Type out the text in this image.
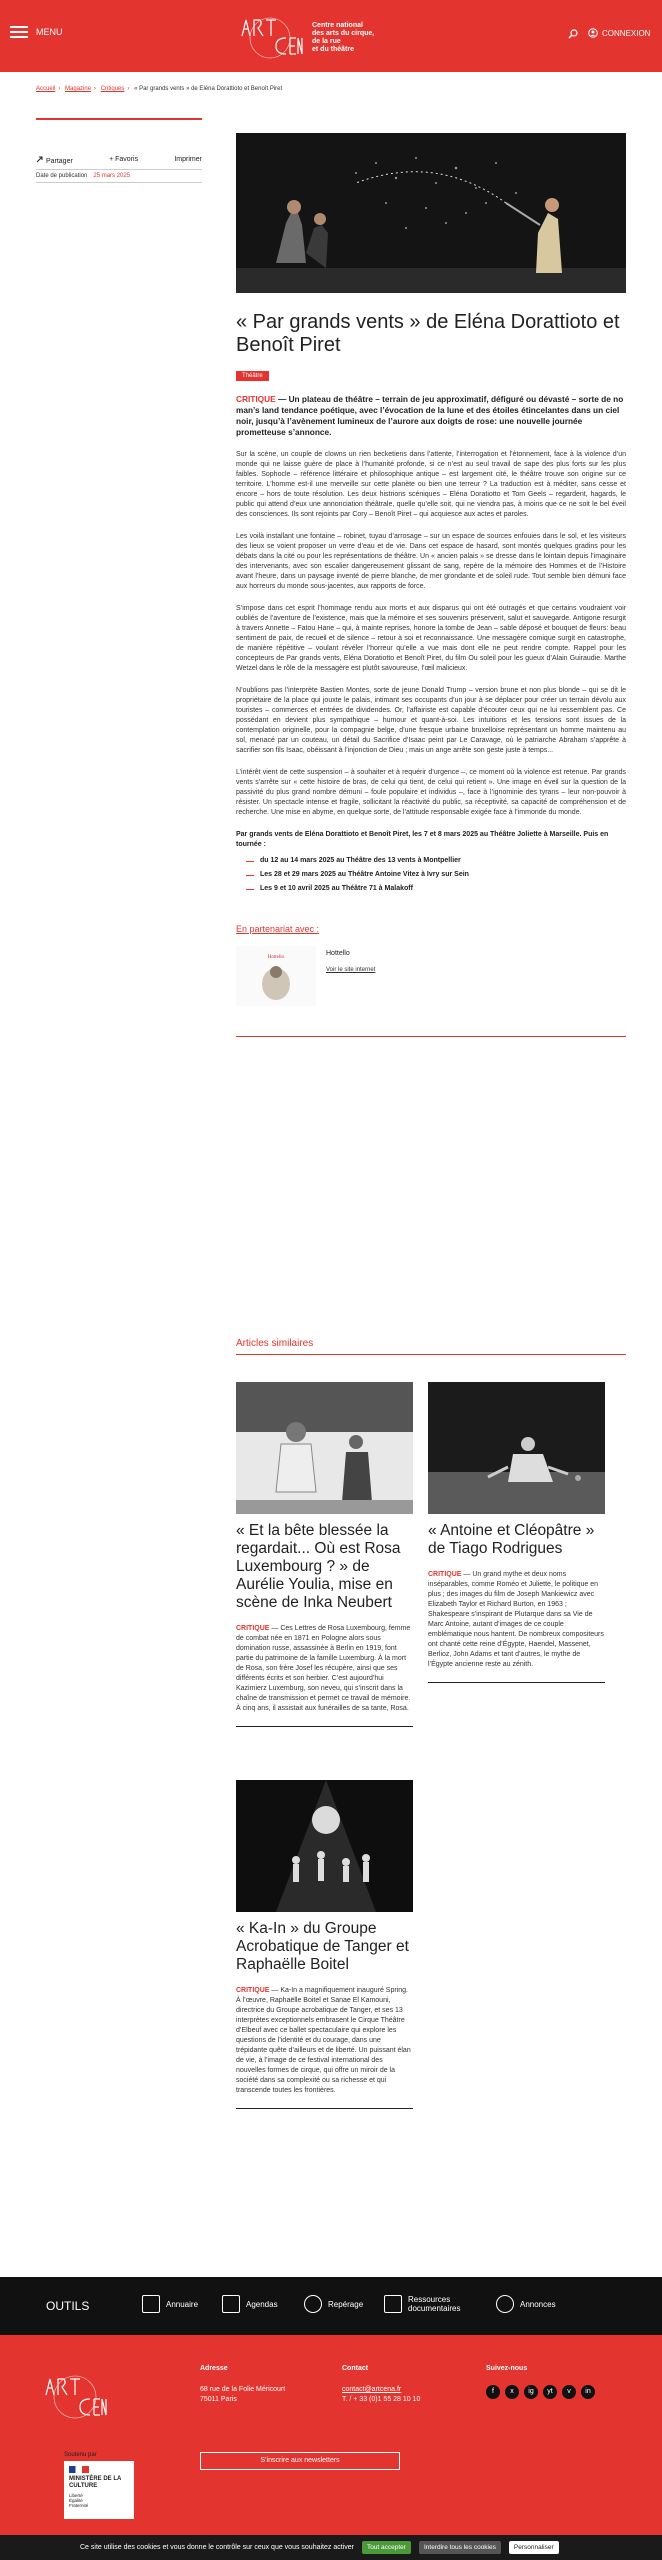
MENU
Centre national
des arts du cirque,
de la rue
et du théâtre
CONNEXION
Accueil › Magazine › Critiques › « Par grands vents » de Eléna Dorattioto et Benoît Piret
Partager	+ Favoris	Imprimer
Date de publication 25 mars 2025
« Par grands vents » de Eléna Dorattioto et Benoît Piret
Théâtre

CRITIQUE — Un plateau de théâtre – terrain de jeu approximatif, défiguré ou dévasté – sorte de no man’s land tendance poétique, avec l’évocation de la lune et des étoiles étincelantes dans un ciel noir, jusqu’à l’avènement lumineux de l’aurore aux doigts de rose: une nouvelle journée prometteuse s’annonce.

Sur la scène, un couple de clowns un rien becketiens dans l’attente, l’interrogation et l’étonnement, face à la violence d’un monde qui ne laisse guère de place à l’humanité profonde, si ce n’est au seul travail de sape des plus forts sur les plus faibles. Sophocle – référence littéraire et philosophique antique – est largement cité, le théâtre trouve son origine sur ce territoire. L’homme est-il une merveille sur cette planète ou bien une terreur ? La traduction est à méditer, sans cesse et encore – hors de toute résolution. Les deux histrions scéniques – Eléna Doratiotto et Tom Geels – regardent, hagards, le public qui attend d’eux une annonciation théâtrale, quelle qu’elle soit, qui ne viendra pas, à moins que ce ne soit le bel éveil des consciences. Ils sont rejoints par Cory – Benoît Piret – qui acquiesce aux actes et paroles.

Les voilà installant une fontaine – robinet, tuyau d’arrosage – sur un espace de sources enfouies dans le sol, et les visiteurs des lieux se voient proposer un verre d’eau et de vie. Dans cet espace de hasard, sont montés quelques gradins pour les débats dans la cité ou pour les représentations de théâtre. Un « ancien palais » se dresse dans le lointain depuis l’imaginaire des intervenants, avec son escalier dangereusement glissant de sang, repère de la mémoire des Hommes et de l’Histoire avant l’heure, dans un paysage inventé de pierre blanche, de mer grondante et de soleil rude. Tout semble bien démuni face aux horreurs du monde sous-jacentes, aux rapports de force.

S’impose dans cet esprit l’hommage rendu aux morts et aux disparus qui ont été outragés et que certains voudraient voir oubliés de l’aventure de l’existence, mais que la mémoire et ses souvenirs préservent, salut et sauvegarde. Antigone resurgit à travers Annette – Fatou Hane – qui, à mainte reprises, honore la tombe de Jean – sable déposé et bouquet de fleurs: beau sentiment de paix, de recueil et de silence – retour à soi et reconnaissance. Une messagère comique surgit en catastrophe, de manière répétitive – voulant révéler l’horreur qu’elle a vue mais dont elle ne peut rendre compte. Rappel pour les concepteurs de Par grands vents, Eléna Doratiotto et Benoît Piret, du film Ou soleil pour les gueux d’Alain Guiraudie. Marthe Wetzel dans le rôle de la messagère est plutôt savoureuse, l’œil malicieux.

N’oublions pas l’interprète Bastien Montes, sorte de jeune Donald Trump – version brune et non plus blonde – qui se dit le propriétaire de la place qui jouxte le palais, intimant ses occupants d’un jour à se déplacer pour créer un terrain dévolu aux touristes – commerces et entrées de dividendes. Or, l’affairiste est capable d’écouter ceux qui ne lui ressemblent pas. Ce possédant en devient plus sympathique – humour et quant-à-soi. Les intuitions et les tensions sont issues de la contemplation originelle, pour la compagnie belge, d’une fresque urbaine bruxelloise représentant un homme maintenu au sol, menacé par un couteau, un détail du Sacrifice d’Isaac peint par Le Caravage, où le patriarche Abraham s’apprête à sacrifier son fils Isaac, obéissant à l’injonction de Dieu ; mais un ange arrête son geste juste à temps...

L’intérêt vient de cette suspension – à souhaiter et à requérir d’urgence –, ce moment où la violence est retenue. Par grands vents s’arrête sur « cette histoire de bras, de celui qui tient, de celui qui retient ». Une image en éveil sur la question de la passivité du plus grand nombre démuni – foule populaire et individus –, face à l’ignominie des tyrans – leur non-pouvoir à résister. Un spectacle intense et fragile, sollicitant la réactivité du public, sa réceptivité, sa capacité de compréhension et de recherche. Une mise en abyme, en quelque sorte, de l’attitude responsable exigée face à l’immonde du monde.

Par grands vents de Eléna Dorattioto et Benoît Piret, les 7 et 8 mars 2025 au Théâtre Joliette à Marseille. Puis en tournée :

du 12 au 14 mars 2025 au Théâtre des 13 vents à Montpellier
Les 28 et 29 mars 2025 au Théâtre Antoine Vitez à Ivry sur Sein
Les 9 et 10 avril 2025 au Théâtre 71 à Malakoff
En partenariat avec :
Hottello
Hottello
Voir le site internet
Articles similaires
« Et la bête blessée la regardait... Où est Rosa Luxembourg ? » de Aurélie Youlia, mise en scène de Inka Neubert

CRITIQUE — Ces Lettres de Rosa Luxembourg, femme de combat née en 1871 en Pologne alors sous domination russe, assassinée à Berlin en 1919, font partie du patrimoine de la famille Luxemburg. À la mort de Rosa, son frère Josef les récupère, ainsi que ses différents écrits et son herbier. C’est aujourd’hui Kazimierz Luxemburg, son neveu, qui s’inscrit dans la chaîne de transmission et permet ce travail de mémoire. À cinq ans, il assistait aux funérailles de sa tante, Rosa.

« Antoine et Cléopâtre » de Tiago Rodrigues

CRITIQUE — Un grand mythe et deux noms inséparables, comme Roméo et Juliette, le politique en plus ; des images du film de Joseph Mankiewicz avec Elizabeth Taylor et Richard Burton, en 1963 ; Shakespeare s’inspirant de Plutarque dans sa Vie de Marc Antoine, autant d’images de ce couple emblématique nous hantent. De nombreux compositeurs ont chanté cette reine d’Égypte, Haendel, Massenet, Berlioz, John Adams et tant d’autres, le mythe de l’Égypte ancienne reste au zénith.

« Ka-In » du Groupe Acrobatique de Tanger et Raphaëlle Boitel

CRITIQUE — Ka-In a magnifiquement inauguré Spring. À l’œuvre, Raphaëlle Boitel et Sanae El Kamouni, directrice du Groupe acrobatique de Tanger, et ses 13 interprètes exceptionnels embrasent le Cirque Théâtre d’Elbeuf avec ce ballet spectaculaire qui explore les questions de l’identité et du courage, dans une trépidante quête d’ailleurs et de liberté. Un puissant élan de vie, à l’image de ce festival international des nouvelles formes de cirque, qui offre un miroir de la société dans sa complexité ou sa richesse et qui transcende toutes les frontières.

OUTILS	Annuaire	Agendas	Repérage	Ressources documentaires	Annonces
Soutenu par
MINISTÈRE DE LA CULTURE
Liberté
Égalité
Fraternité
Adresse
68 rue de la Folie Méricourt
75011 Paris
Contact
contact@artcena.fr
T. / + 33 (0)1 55 28 10 10
Suivez-nous
f	x	ig	yt	v	in
S’inscrire aux newsletters
Ce site utilise des cookies et vous donne le contrôle sur ceux que vous souhaitez activer	Tout accepter	Interdire tous les cookies	Personnaliser
